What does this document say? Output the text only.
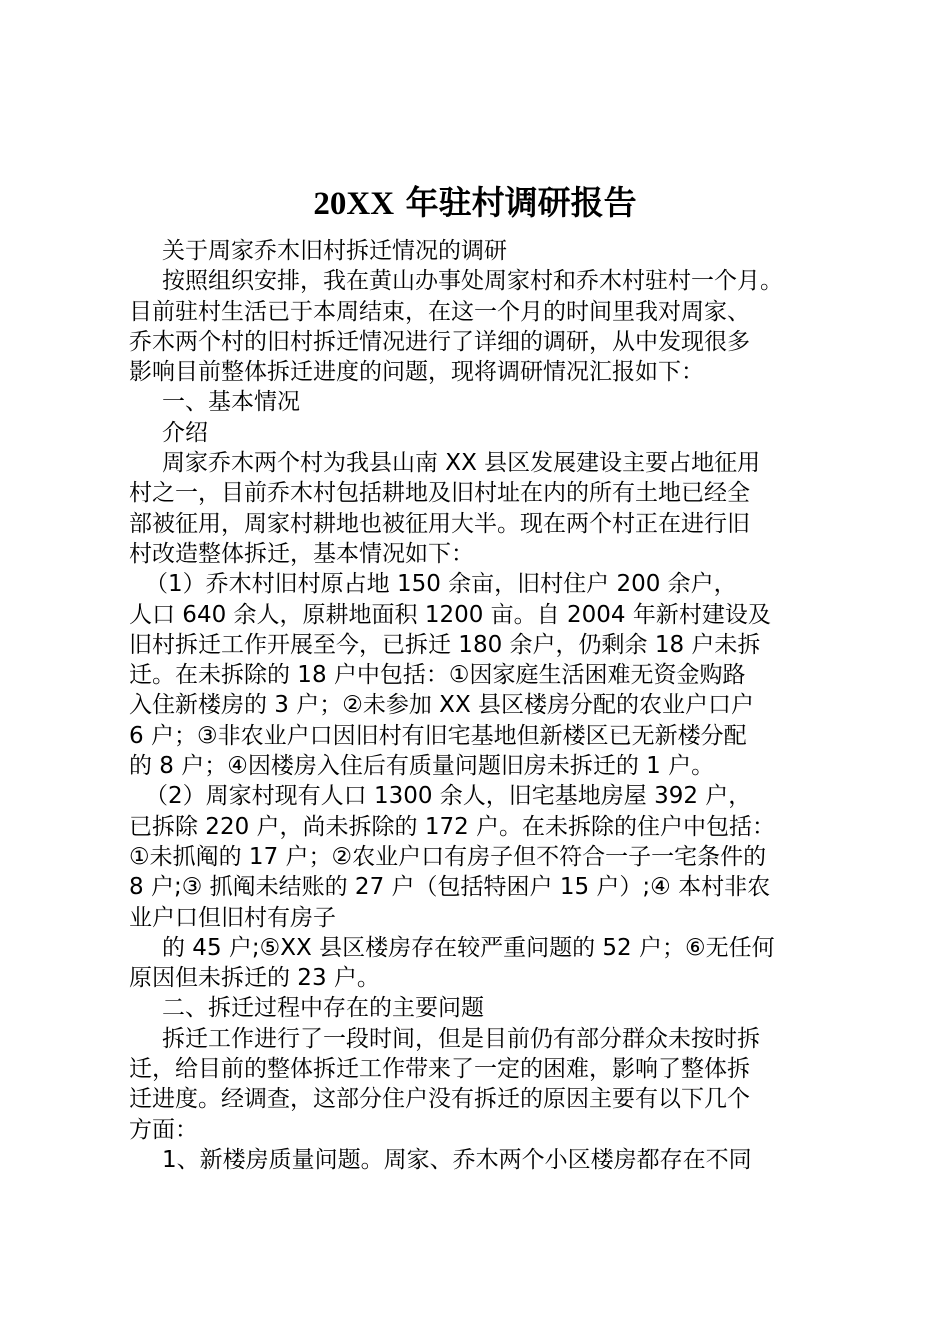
20XX 年驻村调研报告
关于周家乔木旧村拆迁情况的调研
按照组织安排，我在黄山办事处周家村和乔木村驻村一个月。
目前驻村生活已于本周结束，在这一个月的时间里我对周家、
乔木两个村的旧村拆迁情况进行了详细的调研，从中发现很多
影响目前整体拆迁进度的问题，现将调研情况汇报如下：
一、基本情况
介绍
周家乔木两个村为我县山南 XX 县区发展建设主要占地征用
村之一，目前乔木村包括耕地及旧村址在内的所有土地已经全
部被征用，周家村耕地也被征用大半。现在两个村正在进行旧
村改造整体拆迁，基本情况如下：
（1）乔木村旧村原占地 150 余亩，旧村住户 200 余户，
人口 640 余人，原耕地面积 1200 亩。自 2004 年新村建设及
旧村拆迁工作开展至今，已拆迁 180 余户，仍剩余 18 户未拆
迁。在未拆除的 18 户中包括：①因家庭生活困难无资金购路
入住新楼房的 3 户；②未参加 XX 县区楼房分配的农业户口户
6 户；③非农业户口因旧村有旧宅基地但新楼区已无新楼分配
的 8 户；④因楼房入住后有质量问题旧房未拆迁的 1 户。
（2）周家村现有人口 1300 余人，旧宅基地房屋 392 户，
已拆除 220 户，尚未拆除的 172 户。在未拆除的住户中包括：
①未抓阄的 17 户；②农业户口有房子但不符合一子一宅条件的
8 户;③ 抓阄未结账的 27 户（包括特困户 15 户）;④ 本村非农
业户口但旧村有房子
的 45 户;⑤XX 县区楼房存在较严重问题的 52 户；⑥无任何
原因但未拆迁的 23 户。
二、拆迁过程中存在的主要问题
拆迁工作进行了一段时间，但是目前仍有部分群众未按时拆
迁，给目前的整体拆迁工作带来了一定的困难，影响了整体拆
迁进度。经调查，这部分住户没有拆迁的原因主要有以下几个
方面：
1、新楼房质量问题。周家、乔木两个小区楼房都存在不同
